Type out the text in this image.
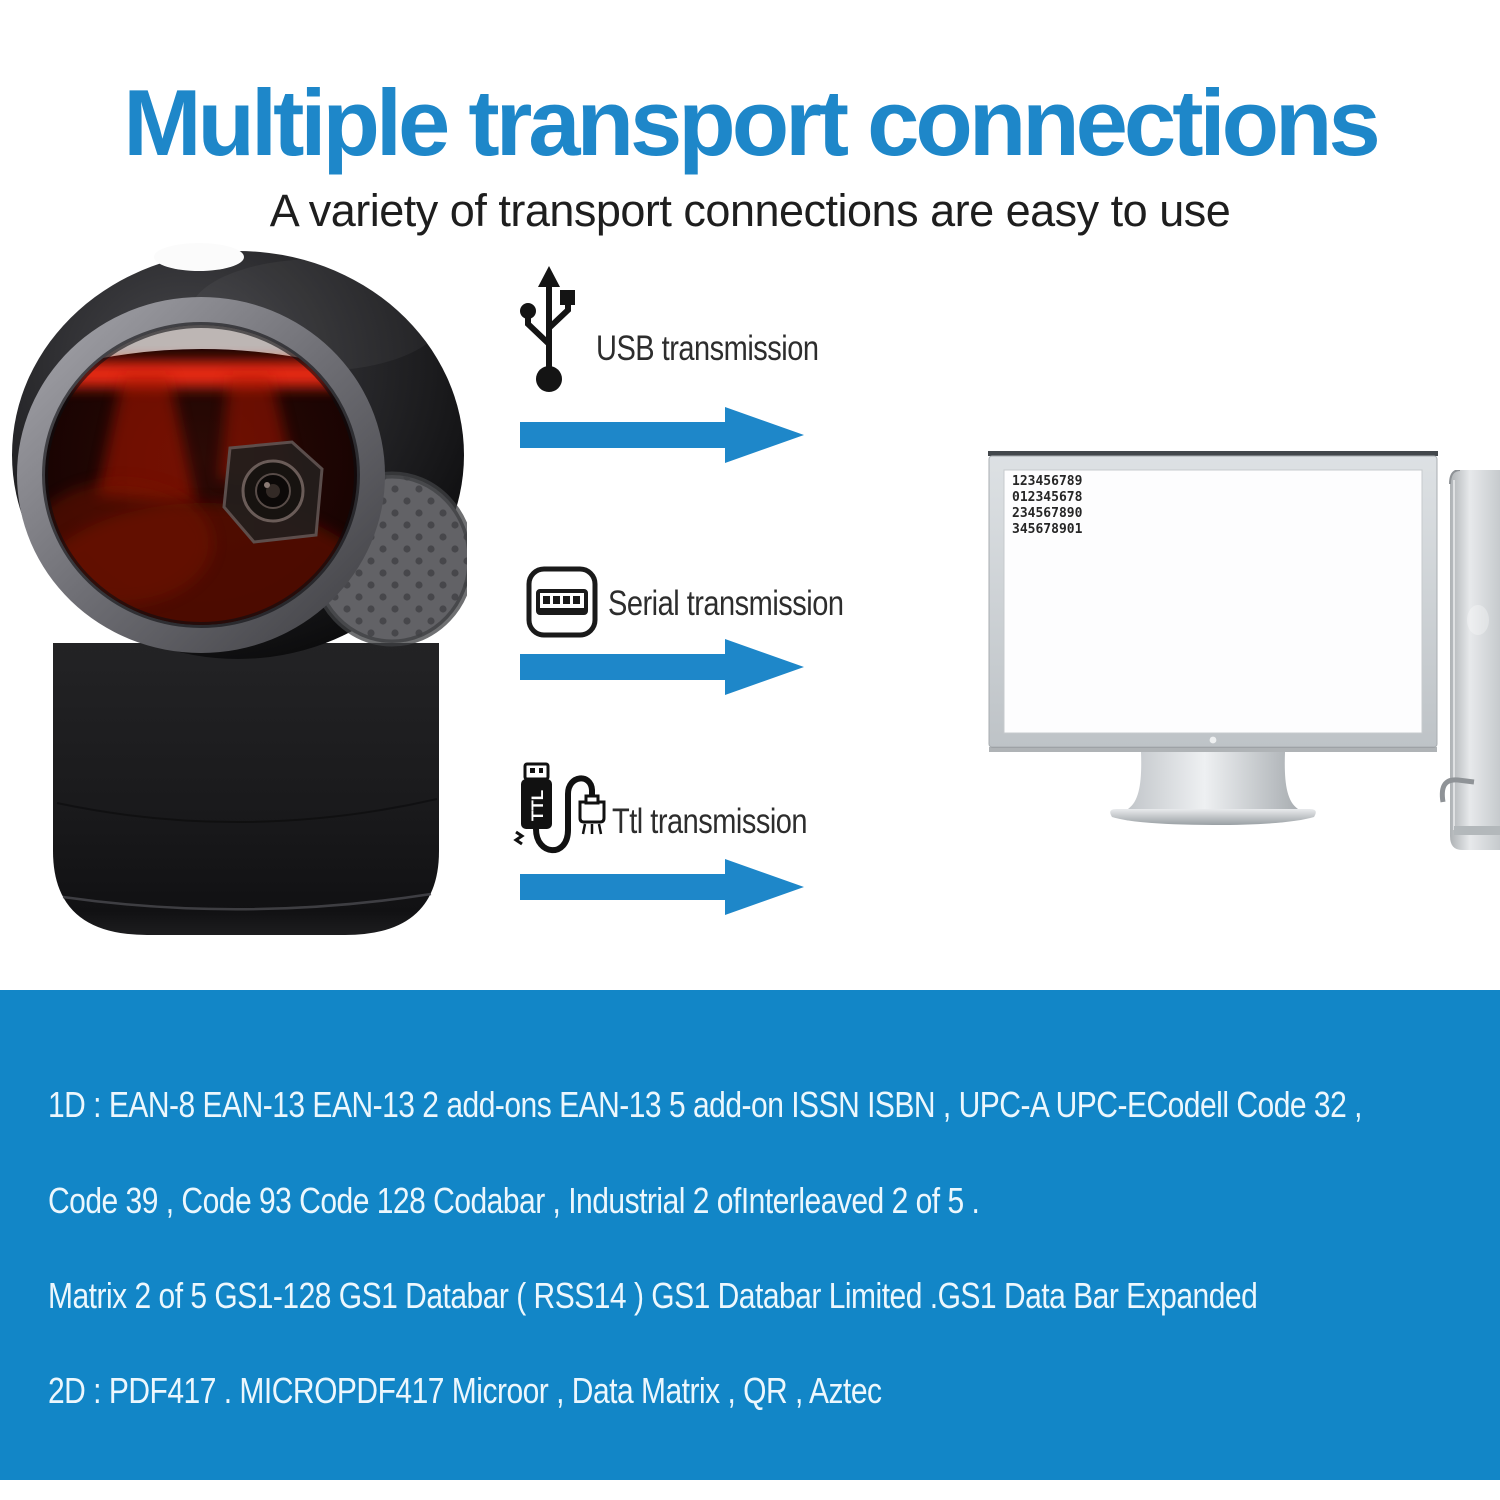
Multiple transport connections

A variety of transport connections are easy to use

USB transmission
Serial transmission
TTL Ttl transmission
123456789
012345678
234567890
345678901

1D : EAN-8 EAN-13 EAN-13 2 add-ons EAN-13 5 add-on ISSN ISBN , UPC-A UPC-ECodell Code 32 ,

Code 39 , Code 93 Code 128 Codabar , Industrial 2 ofInterleaved 2 of 5 .

Matrix 2 of 5 GS1-128 GS1 Databar ( RSS14 ) GS1 Databar Limited .GS1 Data Bar Expanded

2D : PDF417 . MICROPDF417 Microor , Data Matrix , QR , Aztec
